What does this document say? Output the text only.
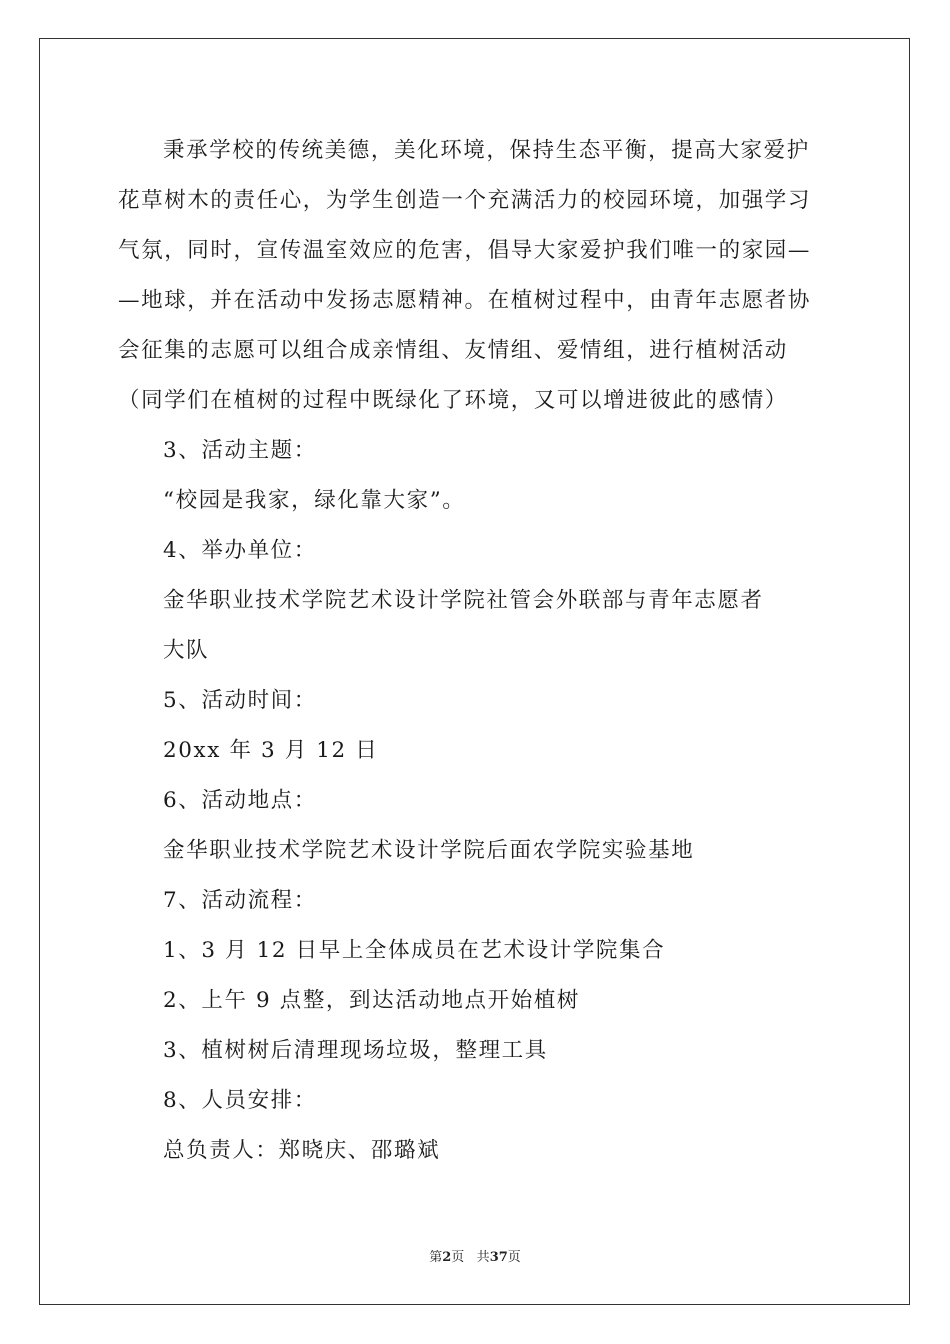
秉承学校的传统美德，美化环境，保持生态平衡，提高大家爱护

花草树木的责任心，为学生创造一个充满活力的校园环境，加强学习

气氛，同时，宣传温室效应的危害，倡导大家爱护我们唯一的家园—

—地球，并在活动中发扬志愿精神。在植树过程中，由青年志愿者协

会征集的志愿可以组合成亲情组、友情组、爱情组，进行植树活动

（同学们在植树的过程中既绿化了环境，又可以增进彼此的感情）

3、活动主题：

“校园是我家，绿化靠大家”。

4、举办单位：

金华职业技术学院艺术设计学院社管会外联部与青年志愿者

大队

5、活动时间：

20xx 年 3 月 12 日

6、活动地点：

金华职业技术学院艺术设计学院后面农学院实验基地

7、活动流程：

1、3 月 12 日早上全体成员在艺术设计学院集合

2、上午 9 点整，到达活动地点开始植树

3、植树树后清理现场垃圾，整理工具

8、人员安排：

总负责人：郑晓庆、邵璐斌

第2页 共37页
